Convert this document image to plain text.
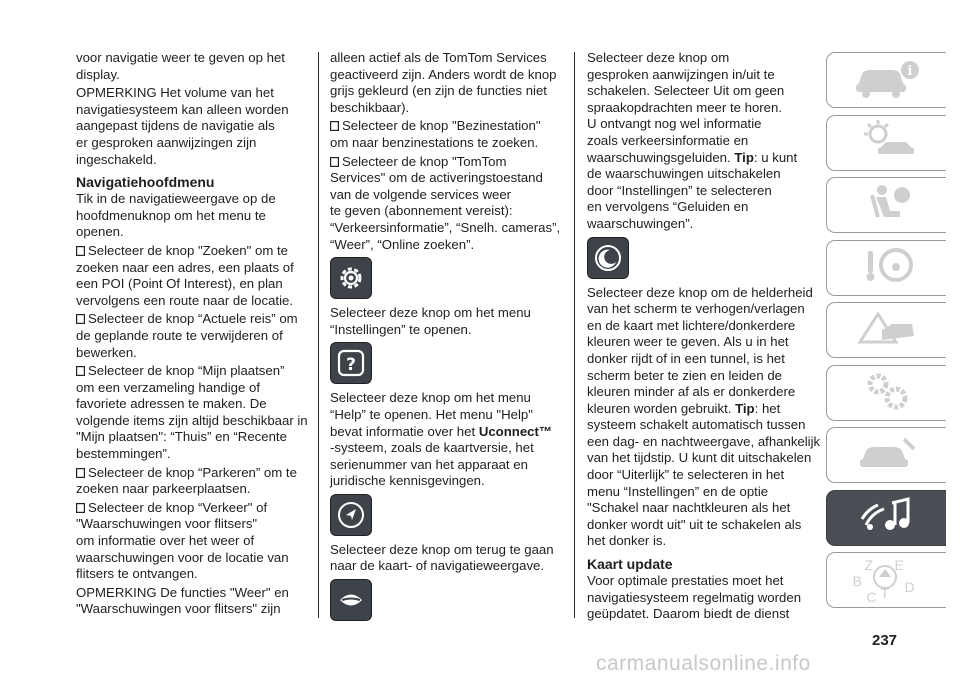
voor navigatie weer te geven op het
display.

OPMERKING Het volume van het
navigatiesysteem kan alleen worden
aangepast tijdens de navigatie als
er gesproken aanwijzingen zijn
ingeschakeld.

Navigatiehoofdmenu

Tik in de navigatieweergave op de
hoofdmenuknop om het menu te
openen.

Selecteer de knop "Zoeken" om te
zoeken naar een adres, een plaats of
een POI (Point Of Interest), en plan
vervolgens een route naar de locatie.

Selecteer de knop “Actuele reis” om
de geplande route te verwijderen of
bewerken.

Selecteer de knop “Mijn plaatsen”
om een verzameling handige of
favoriete adressen te maken. De
volgende items zijn altijd beschikbaar in
"Mijn plaatsen": “Thuis” en “Recente
bestemmingen”.

Selecteer de knop “Parkeren” om te
zoeken naar parkeerplaatsen.

Selecteer de knop “Verkeer" of
"Waarschuwingen voor flitsers"
om informatie over het weer of
waarschuwingen voor de locatie van
flitsers te ontvangen.

OPMERKING De functies "Weer" en
"Waarschuwingen voor flitsers" zijn

alleen actief als de TomTom Services
geactiveerd zijn. Anders wordt de knop
grijs gekleurd (en zijn de functies niet
beschikbaar).

Selecteer de knop "Bezinestation"
om naar benzinestations te zoeken.

Selecteer de knop "TomTom
Services" om de activeringstoestand
van de volgende services weer
te geven (abonnement vereist):
“Verkeersinformatie”, “Snelh. cameras”,
“Weer”, “Online zoeken”.

Selecteer deze knop om het menu
“Instellingen” te openen.

?

Selecteer deze knop om het menu
“Help” te openen. Het menu "Help"
bevat informatie over het Uconnect™
-systeem, zoals de kaartversie, het
serienummer van het apparaat en
juridische kennisgevingen.

Selecteer deze knop om terug te gaan
naar de kaart- of navigatieweergave.

Selecteer deze knop om
gesproken aanwijzingen in/uit te
schakelen. Selecteer Uit om geen
spraakopdrachten meer te horen.
U ontvangt nog wel informatie
zoals verkeersinformatie en
waarschuwingsgeluiden. Tip: u kunt
de waarschuwingen uitschakelen
door “Instellingen” te selecteren
en vervolgens “Geluiden en
waarschuwingen”.

Selecteer deze knop om de helderheid
van het scherm te verhogen/verlagen
en de kaart met lichtere/donkerdere
kleuren weer te geven. Als u in het
donker rijdt of in een tunnel, is het
scherm beter te zien en leiden de
kleuren minder af als er donkerdere
kleuren worden gebruikt. Tip: het
systeem schakelt automatisch tussen
een dag- en nachtweergave, afhankelijk
van het tijdstip. U kunt dit uitschakelen
door “Uiterlijk” te selecteren in het
menu “Instellingen” en de optie
"Schakel naar nachtkleuren als het
donker wordt uit" uit te schakelen als
het donker is.

Kaart update

Voor optimale prestaties moet het
navigatiesysteem regelmatig worden
geüpdatet. Daarom biedt de dienst

i
Z E
B
C
D
T
237
carmanualsonline.info
